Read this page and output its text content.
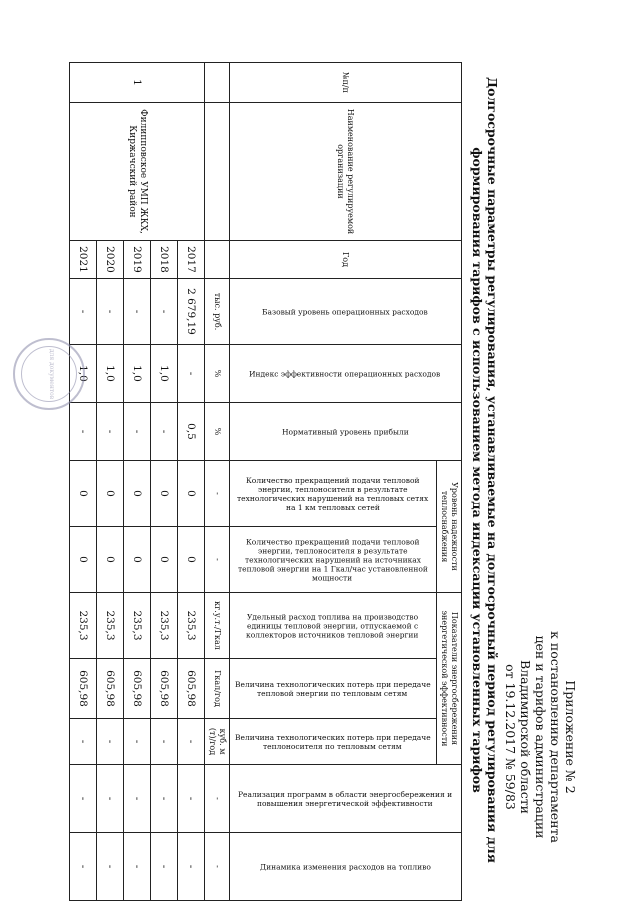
Приложение № 2
к постановлению департамента
цен и тарифов администрации
Владимирской области
от 19.12.2017 № 59/83
Долгосрочные параметры регулирования, устанавливаемые на долгосрочный период регулирования для формирования тарифов с использованием метода индексации установленных тарифов
№п/п	Наименование регулируемой организации	Год	Базовый уровень операционных расходов	Индекс эффективности операционных расходов	Нормативный уровень прибыли	Уровень надежности теплоснабжения		Показатели энергосбережения энергетической эффективности			Реализация программ в области энергосбережения и повышения энергетической эффективности	Динамика изменения расходов на топливо
						Количество прекращений подачи тепловой энергии, теплоносителя в результате технологических нарушений на тепловых сетях на 1 км тепловых сетей	Количество прекращений подачи тепловой энергии, теплоносителя в результате технологических нарушений на источниках тепловой энергии на 1 Гкал/час установленной мощности	Удельный расход топлива на производство единицы тепловой энергии, отпускаемой с коллекторов источников тепловой энергии	Величина технологических потерь при передаче тепловой энергии по тепловым сетям	Величина технологических потерь при передаче теплоносителя по тепловым сетям		
			тыс. руб.	%	%	-	-	кг.у.т./Гкал	Гкал/год	куб. м (т)/год	-	-
1	Филипповское УМП ЖКХ, Киржачский район	2017	2 679,19	-	0,5	0	0	235,3	605,98	-	-	-
		2018	-	1,0	-	0	0	235,3	605,98	-	-	-
		2019	-	1,0	-	0	0	235,3	605,98	-	-	-
		2020	-	1,0	-	0	0	235,3	605,98	-	-	-
		2021	-	1,0	-	0	0	235,3	605,98	-	-	-
для документов
